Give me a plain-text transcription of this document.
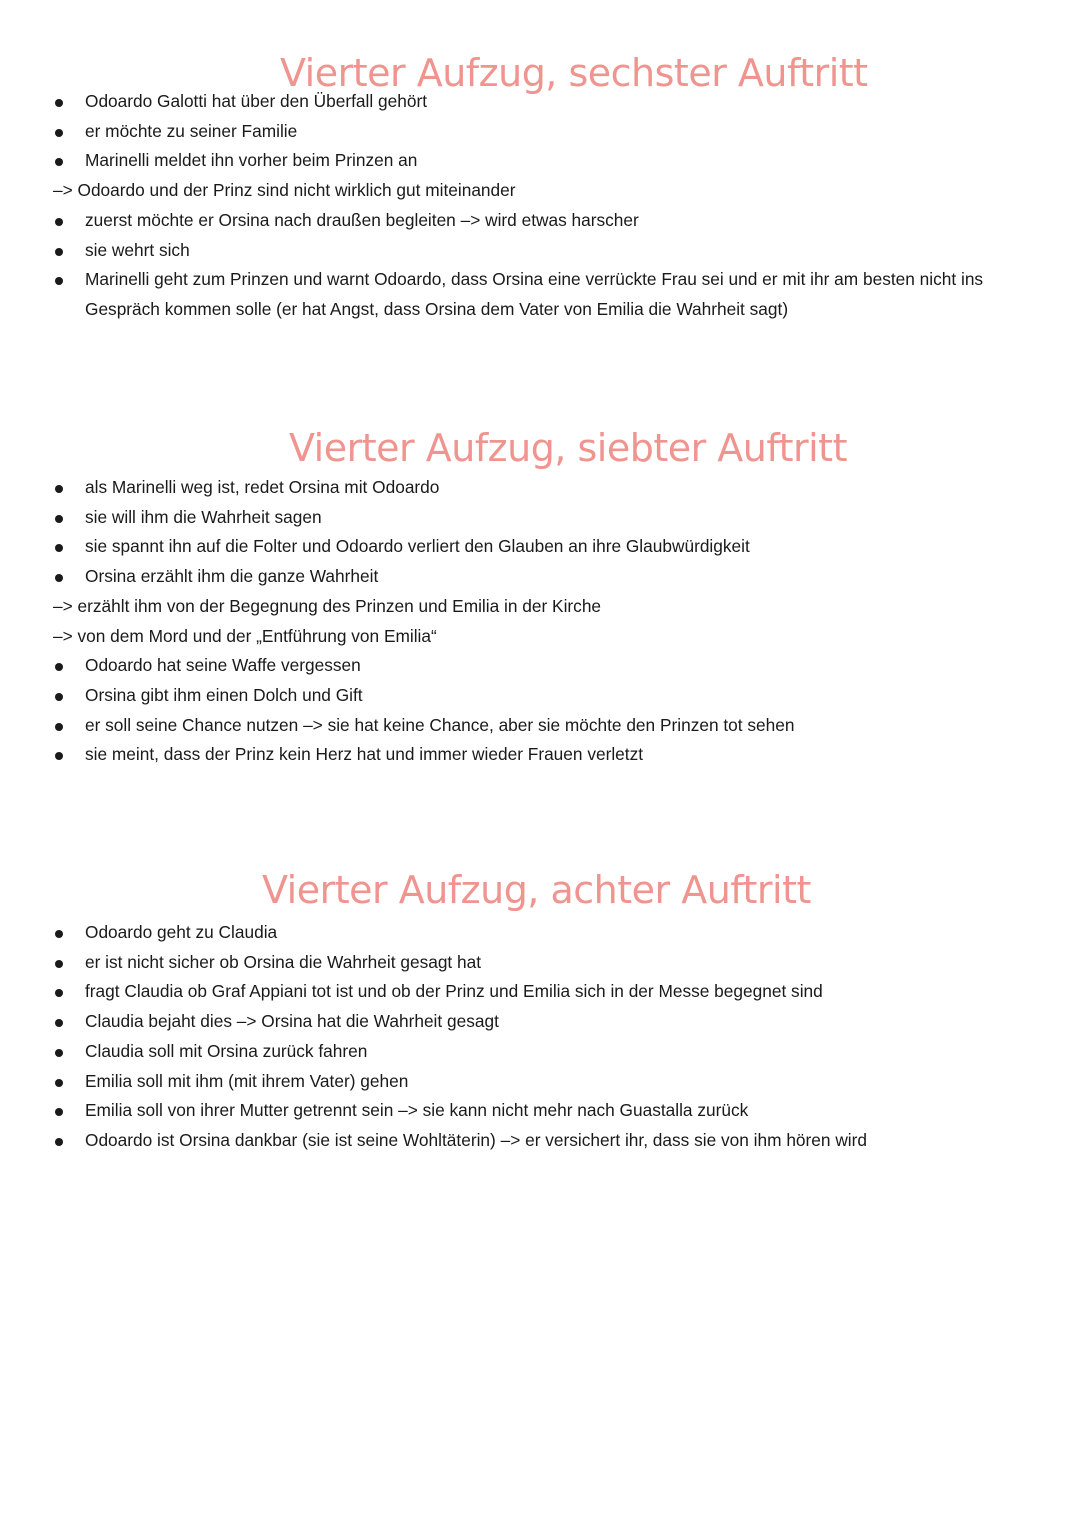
Vierter Aufzug, sechster Auftritt
Odoardo Galotti hat über den Überfall gehört
er möchte zu seiner Familie
Marinelli meldet ihn vorher beim Prinzen an
–> Odoardo und der Prinz sind nicht wirklich gut miteinander
zuerst möchte er Orsina nach draußen begleiten –> wird etwas harscher
sie wehrt sich
Marinelli geht zum Prinzen und warnt Odoardo, dass Orsina eine verrückte Frau sei und er mit ihr am besten nicht ins
Gespräch kommen solle (er hat Angst, dass Orsina dem Vater von Emilia die Wahrheit sagt)
Vierter Aufzug, siebter Auftritt
als Marinelli weg ist, redet Orsina mit Odoardo
sie will ihm die Wahrheit sagen
sie spannt ihn auf die Folter und Odoardo verliert den Glauben an ihre Glaubwürdigkeit
Orsina erzählt ihm die ganze Wahrheit
–> erzählt ihm von der Begegnung des Prinzen und Emilia in der Kirche
–> von dem Mord und der „Entführung von Emilia“
Odoardo hat seine Waffe vergessen
Orsina gibt ihm einen Dolch und Gift
er soll seine Chance nutzen –> sie hat keine Chance, aber sie möchte den Prinzen tot sehen
sie meint, dass der Prinz kein Herz hat und immer wieder Frauen verletzt
Vierter Aufzug, achter Auftritt
Odoardo geht zu Claudia
er ist nicht sicher ob Orsina die Wahrheit gesagt hat
fragt Claudia ob Graf Appiani tot ist und ob der Prinz und Emilia sich in der Messe begegnet sind
Claudia bejaht dies –> Orsina hat die Wahrheit gesagt
Claudia soll mit Orsina zurück fahren
Emilia soll mit ihm (mit ihrem Vater) gehen
Emilia soll von ihrer Mutter getrennt sein –> sie kann nicht mehr nach Guastalla zurück
Odoardo ist Orsina dankbar (sie ist seine Wohltäterin) –> er versichert ihr, dass sie von ihm hören wird
